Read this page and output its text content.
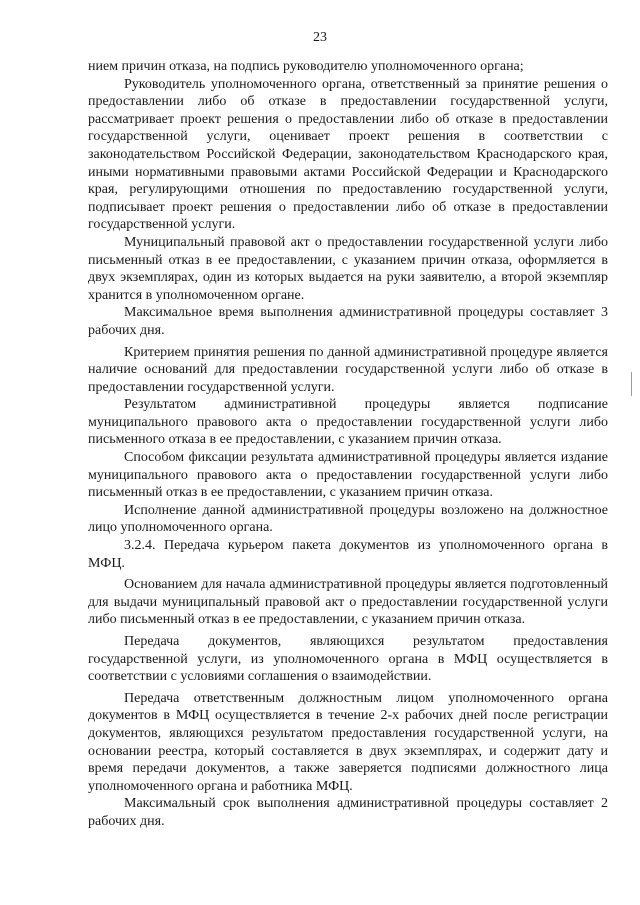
23

нием причин отказа, на подпись руководителю уполномоченного органа;

Руководитель уполномоченного органа, ответственный за принятие решения о предоставлении либо об отказе в предоставлении государственной услуги, рассматривает проект решения о предоставлении либо об отказе в предоставлении государственной услуги, оценивает проект решения в соответствии с законодательством Российской Федерации, законодательством Краснодарского края, иными нормативными правовыми актами Российской Федерации и Краснодарского края, регулирующими отношения по предоставлению государственной услуги, подписывает проект решения о предоставлении либо об отказе в предоставлении государственной услуги.

Муниципальный правовой акт о предоставлении государственной услуги либо письменный отказ в ее предоставлении, с указанием причин отказа, оформляется в двух экземплярах, один из которых выдается на руки заявителю, а второй экземпляр хранится в уполномоченном органе.

Максимальное время выполнения административной процедуры составляет 3 рабочих дня.

Критерием принятия решения по данной административной процедуре является наличие оснований для предоставлении государственной услуги либо об отказе в предоставлении государственной услуги.

Результатом административной процедуры является подписание муниципального правового акта о предоставлении государственной услуги либо письменного отказа в ее предоставлении, с указанием причин отказа.

Способом фиксации результата административной процедуры является издание муниципального правового акта о предоставлении государственной услуги либо письменный отказ в ее предоставлении, с указанием причин отказа.

Исполнение данной административной процедуры возложено на должностное лицо уполномоченного органа.

3.2.4. Передача курьером пакета документов из уполномоченного органа в МФЦ.

Основанием для начала административной процедуры является подготовленный для выдачи муниципальный правовой акт о предоставлении государственной услуги либо письменный отказ в ее предоставлении, с указанием причин отказа.

Передача документов, являющихся результатом предоставления государственной услуги, из уполномоченного органа в МФЦ осуществляется в соответствии с условиями соглашения о взаимодействии.

Передача ответственным должностным лицом уполномоченного органа документов в МФЦ осуществляется в течение 2-х рабочих дней после регистрации документов, являющихся результатом предоставления государственной услуги, на основании реестра, который составляется в двух экземплярах, и содержит дату и время передачи документов, а также заверяется подписями должностного лица уполномоченного органа и работника МФЦ.

Максимальный срок выполнения административной процедуры составляет 2 рабочих дня.
